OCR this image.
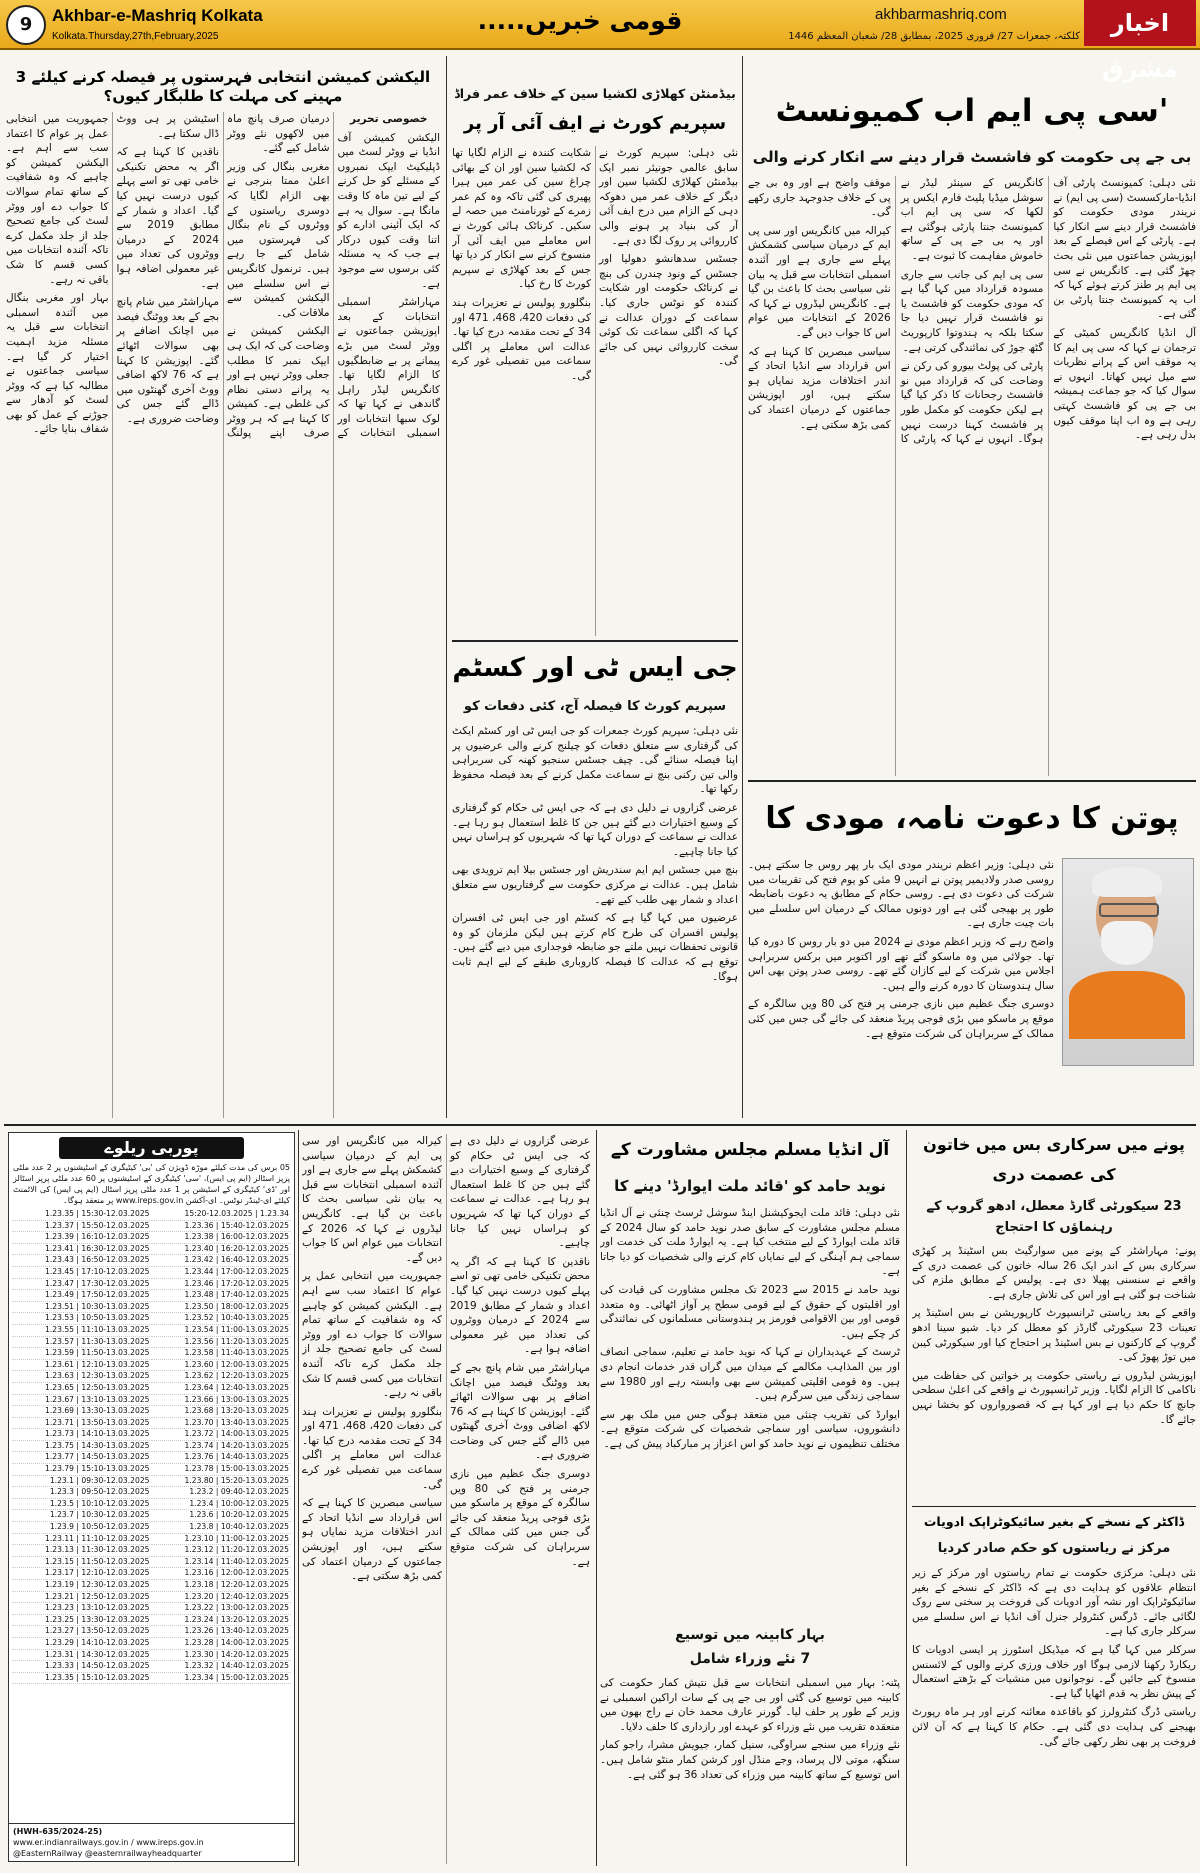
9	Akhbar-e-Mashriq Kolkata
Kolkata.Thursday,27th,February,2025
قومی خبریں.....	akhbarmashriq.com
کلکتہ، جمعرات 27/ فروری 2025، بمطابق 28/ شعبان المعظم 1446	اخبار مشرق
'سی پی ایم اب کمیونسٹ
بی جے پی حکومت کو فاشسٹ قرار دینے سے انکار کرنے والی

نئی دہلی: کمیونسٹ پارٹی آف انڈیا-مارکسسٹ (سی پی ایم) نے نریندر مودی حکومت کو فاشسٹ قرار دینے سے انکار کیا ہے۔ پارٹی کے اس فیصلے کے بعد اپوزیشن جماعتوں میں نئی بحث چھڑ گئی ہے۔ کانگریس نے سی پی ایم پر طنز کرتے ہوئے کہا کہ اب یہ کمیونسٹ جنتا پارٹی بن گئی ہے۔

آل انڈیا کانگریس کمیٹی کے ترجمان نے کہا کہ سی پی ایم کا یہ موقف اس کے پرانے نظریات سے میل نہیں کھاتا۔ انہوں نے سوال کیا کہ جو جماعت ہمیشہ بی جے پی کو فاشسٹ کہتی رہی ہے وہ اب اپنا موقف کیوں بدل رہی ہے۔

کانگریس کے سینئر لیڈر نے سوشل میڈیا پلیٹ فارم ایکس پر لکھا کہ سی پی ایم اب کمیونسٹ جنتا پارٹی ہوگئی ہے اور یہ بی جے پی کے ساتھ خاموش مفاہمت کا ثبوت ہے۔

سی پی ایم کی جانب سے جاری مسودہ قرارداد میں کہا گیا ہے کہ مودی حکومت کو فاشسٹ یا نو فاشسٹ قرار نہیں دیا جا سکتا بلکہ یہ ہندوتوا کارپوریٹ گٹھ جوڑ کی نمائندگی کرتی ہے۔

پارٹی کی پولٹ بیورو کی رکن نے وضاحت کی کہ قرارداد میں نو فاشسٹ رجحانات کا ذکر کیا گیا ہے لیکن حکومت کو مکمل طور پر فاشسٹ کہنا درست نہیں ہوگا۔ انہوں نے کہا کہ پارٹی کا موقف واضح ہے اور وہ بی جے پی کے خلاف جدوجہد جاری رکھے گی۔

کیرالہ میں کانگریس اور سی پی ایم کے درمیان سیاسی کشمکش پہلے سے جاری ہے اور آئندہ اسمبلی انتخابات سے قبل یہ بیان نئی سیاسی بحث کا باعث بن گیا ہے۔ کانگریس لیڈروں نے کہا کہ 2026 کے انتخابات میں عوام اس کا جواب دیں گے۔

سیاسی مبصرین کا کہنا ہے کہ اس قرارداد سے انڈیا اتحاد کے اندر اختلافات مزید نمایاں ہو سکتے ہیں، اور اپوزیشن جماعتوں کے درمیان اعتماد کی کمی بڑھ سکتی ہے۔

پوتن کا دعوت نامہ، مودی کا

نئی دہلی: وزیر اعظم نریندر مودی ایک بار پھر روس جا سکتے ہیں۔ روسی صدر ولادیمیر پوتن نے انہیں 9 مئی کو یوم فتح کی تقریبات میں شرکت کی دعوت دی ہے۔ روسی حکام کے مطابق یہ دعوت باضابطہ طور پر بھیجی گئی ہے اور دونوں ممالک کے درمیان اس سلسلے میں بات چیت جاری ہے۔

واضح رہے کہ وزیر اعظم مودی نے 2024 میں دو بار روس کا دورہ کیا تھا۔ جولائی میں وہ ماسکو گئے تھے اور اکتوبر میں برکس سربراہی اجلاس میں شرکت کے لیے کازان گئے تھے۔ روسی صدر پوتن بھی اس سال ہندوستان کا دورہ کرنے والے ہیں۔

دوسری جنگ عظیم میں نازی جرمنی پر فتح کی 80 ویں سالگرہ کے موقع پر ماسکو میں بڑی فوجی پریڈ منعقد کی جائے گی جس میں کئی ممالک کے سربراہان کی شرکت متوقع ہے۔

بیڈمنٹن کھلاڑی لکشیا سین کے خلاف عمر فراڈ
سپریم کورٹ نے ایف آئی آر پر

نئی دہلی: سپریم کورٹ نے سابق عالمی جونیئر نمبر ایک بیڈمنٹن کھلاڑی لکشیا سین اور دیگر کے خلاف عمر میں دھوکہ دہی کے الزام میں درج ایف آئی آر کی بنیاد پر ہونے والی کارروائی پر روک لگا دی ہے۔

جسٹس سدھانشو دھولیا اور جسٹس کے ونود چندرن کی بنچ نے کرناٹک حکومت اور شکایت کنندہ کو نوٹس جاری کیا۔ سماعت کے دوران عدالت نے کہا کہ اگلی سماعت تک کوئی سخت کارروائی نہیں کی جائے گی۔

شکایت کنندہ نے الزام لگایا تھا کہ لکشیا سین اور ان کے بھائی چراغ سین کی عمر میں ہیرا پھیری کی گئی تاکہ وہ کم عمر زمرے کے ٹورنامنٹ میں حصہ لے سکیں۔ کرناٹک ہائی کورٹ نے اس معاملے میں ایف آئی آر منسوخ کرنے سے انکار کر دیا تھا جس کے بعد کھلاڑی نے سپریم کورٹ کا رخ کیا۔

بنگلورو پولیس نے تعزیرات ہند کی دفعات 420، 468، 471 اور 34 کے تحت مقدمہ درج کیا تھا۔ عدالت اس معاملے پر اگلی سماعت میں تفصیلی غور کرے گی۔

جی ایس ٹی اور کسٹم
سپریم کورٹ کا فیصلہ آج، کئی دفعات کو

نئی دہلی: سپریم کورٹ جمعرات کو جی ایس ٹی اور کسٹم ایکٹ کی گرفتاری سے متعلق دفعات کو چیلنج کرنے والی عرضیوں پر اپنا فیصلہ سنائے گی۔ چیف جسٹس سنجیو کھنہ کی سربراہی والی تین رکنی بنچ نے سماعت مکمل کرنے کے بعد فیصلہ محفوظ رکھا تھا۔

عرضی گزاروں نے دلیل دی ہے کہ جی ایس ٹی حکام کو گرفتاری کے وسیع اختیارات دیے گئے ہیں جن کا غلط استعمال ہو رہا ہے۔ عدالت نے سماعت کے دوران کہا تھا کہ شہریوں کو ہراساں نہیں کیا جانا چاہیے۔

بنچ میں جسٹس ایم ایم سندریش اور جسٹس بیلا ایم ترویدی بھی شامل ہیں۔ عدالت نے مرکزی حکومت سے گرفتاریوں سے متعلق اعداد و شمار بھی طلب کیے تھے۔

عرضیوں میں کہا گیا ہے کہ کسٹم اور جی ایس ٹی افسران پولیس افسران کی طرح کام کرتے ہیں لیکن ملزمان کو وہ قانونی تحفظات نہیں ملتے جو ضابطہ فوجداری میں دیے گئے ہیں۔ توقع ہے کہ عدالت کا فیصلہ کاروباری طبقے کے لیے اہم ثابت ہوگا۔

الیکشن کمیشن انتخابی فہرستوں پر فیصلہ کرنے کیلئے 3 مہینے کی مہلت کا طلبگار کیوں؟

خصوصی تحریر

الیکشن کمیشن آف انڈیا نے ووٹر لسٹ میں ڈپلیکیٹ ایپک نمبروں کے مسئلے کو حل کرنے کے لیے تین ماہ کا وقت مانگا ہے۔ سوال یہ ہے کہ ایک آئینی ادارے کو اتنا وقت کیوں درکار ہے جب کہ یہ مسئلہ کئی برسوں سے موجود ہے۔

مہاراشٹر اسمبلی انتخابات کے بعد اپوزیشن جماعتوں نے ووٹر لسٹ میں بڑے پیمانے پر بے ضابطگیوں کا الزام لگایا تھا۔ کانگریس لیڈر راہل گاندھی نے کہا تھا کہ لوک سبھا انتخابات اور اسمبلی انتخابات کے درمیان صرف پانچ ماہ میں لاکھوں نئے ووٹر شامل کیے گئے۔

مغربی بنگال کی وزیر اعلیٰ ممتا بنرجی نے بھی الزام لگایا کہ دوسری ریاستوں کے ووٹروں کے نام بنگال کی فہرستوں میں شامل کیے جا رہے ہیں۔ ترنمول کانگریس نے اس سلسلے میں الیکشن کمیشن سے ملاقات کی۔

الیکشن کمیشن نے وضاحت کی کہ ایک ہی ایپک نمبر کا مطلب جعلی ووٹر نہیں ہے اور یہ پرانے دستی نظام کی غلطی ہے۔ کمیشن کا کہنا ہے کہ ہر ووٹر صرف اپنے پولنگ اسٹیشن پر ہی ووٹ ڈال سکتا ہے۔

ناقدین کا کہنا ہے کہ اگر یہ محض تکنیکی خامی تھی تو اسے پہلے کیوں درست نہیں کیا گیا۔ اعداد و شمار کے مطابق 2019 سے 2024 کے درمیان ووٹروں کی تعداد میں غیر معمولی اضافہ ہوا ہے۔

مہاراشٹر میں شام پانچ بجے کے بعد ووٹنگ فیصد میں اچانک اضافے پر بھی سوالات اٹھائے گئے۔ اپوزیشن کا کہنا ہے کہ 76 لاکھ اضافی ووٹ آخری گھنٹوں میں ڈالے گئے جس کی وضاحت ضروری ہے۔

جمہوریت میں انتخابی عمل پر عوام کا اعتماد سب سے اہم ہے۔ الیکشن کمیشن کو چاہیے کہ وہ شفافیت کے ساتھ تمام سوالات کا جواب دے اور ووٹر لسٹ کی جامع تصحیح جلد از جلد مکمل کرے تاکہ آئندہ انتخابات میں کسی قسم کا شک باقی نہ رہے۔

بہار اور مغربی بنگال میں آئندہ اسمبلی انتخابات سے قبل یہ مسئلہ مزید اہمیت اختیار کر گیا ہے۔ سیاسی جماعتوں نے مطالبہ کیا ہے کہ ووٹر لسٹ کو آدھار سے جوڑنے کے عمل کو بھی شفاف بنایا جائے۔

پوربی ریلوے
05 برس کی مدت کیلئے موڑہ ڈویژن کی 'بی' کیٹیگری کے اسٹیشنوں پر 2 عدد ملٹی پرپز اسٹالز (ایم پی ایس)، 'سی' کیٹیگری کے اسٹیشنوں پر 60 عدد ملٹی پرپز اسٹالز اور 'ڈی' کیٹیگری کے اسٹیشن پر 1 عدد ملٹی پرپز اسٹال (ایم پی ایس) کی الاٹمنٹ کیلئے ای-ٹینڈر نوٹس۔ ای-آکشن www.ireps.gov.in پر منعقد ہوگا۔
1.23.34 | 15:20-12.03.2025
15:30-12.03.2025 | 1.23.35
15:40-12.03.2025 | 1.23.36
15:50-12.03.2025 | 1.23.37
16:00-12.03.2025 | 1.23.38
16:10-12.03.2025 | 1.23.39
16:20-12.03.2025 | 1.23.40
16:30-12.03.2025 | 1.23.41
16:40-12.03.2025 | 1.23.42
16:50-12.03.2025 | 1.23.43
17:00-12.03.2025 | 1.23.44
17:10-12.03.2025 | 1.23.45
17:20-12.03.2025 | 1.23.46
17:30-12.03.2025 | 1.23.47
17:40-12.03.2025 | 1.23.48
17:50-12.03.2025 | 1.23.49
18:00-12.03.2025 | 1.23.50
10:30-13.03.2025 | 1.23.51
10:40-13.03.2025 | 1.23.52
10:50-13.03.2025 | 1.23.53
11:00-13.03.2025 | 1.23.54
11:10-13.03.2025 | 1.23.55
11:20-13.03.2025 | 1.23.56
11:30-13.03.2025 | 1.23.57
11:40-13.03.2025 | 1.23.58
11:50-13.03.2025 | 1.23.59
12:00-13.03.2025 | 1.23.60
12:10-13.03.2025 | 1.23.61
12:20-13.03.2025 | 1.23.62
12:30-13.03.2025 | 1.23.63
12:40-13.03.2025 | 1.23.64
12:50-13.03.2025 | 1.23.65
13:00-13.03.2025 | 1.23.66
13:10-13.03.2025 | 1.23.67
13:20-13.03.2025 | 1.23.68
13:30-13.03.2025 | 1.23.69
13:40-13.03.2025 | 1.23.70
13:50-13.03.2025 | 1.23.71
14:00-13.03.2025 | 1.23.72
14:10-13.03.2025 | 1.23.73
14:20-13.03.2025 | 1.23.74
14:30-13.03.2025 | 1.23.75
14:40-13.03.2025 | 1.23.76
14:50-13.03.2025 | 1.23.77
15:00-13.03.2025 | 1.23.78
15:10-13.03.2025 | 1.23.79
15:20-13.03.2025 | 1.23.80
09:30-12.03.2025 | 1.23.1
09:40-12.03.2025 | 1.23.2
09:50-12.03.2025 | 1.23.3
10:00-12.03.2025 | 1.23.4
10:10-12.03.2025 | 1.23.5
10:20-12.03.2025 | 1.23.6
10:30-12.03.2025 | 1.23.7
10:40-12.03.2025 | 1.23.8
10:50-12.03.2025 | 1.23.9
11:00-12.03.2025 | 1.23.10
11:10-12.03.2025 | 1.23.11
11:20-12.03.2025 | 1.23.12
11:30-12.03.2025 | 1.23.13
11:40-12.03.2025 | 1.23.14
11:50-12.03.2025 | 1.23.15
12:00-12.03.2025 | 1.23.16
12:10-12.03.2025 | 1.23.17
12:20-12.03.2025 | 1.23.18
12:30-12.03.2025 | 1.23.19
12:40-12.03.2025 | 1.23.20
12:50-12.03.2025 | 1.23.21
13:00-12.03.2025 | 1.23.22
13:10-12.03.2025 | 1.23.23
13:20-12.03.2025 | 1.23.24
13:30-12.03.2025 | 1.23.25
13:40-12.03.2025 | 1.23.26
13:50-12.03.2025 | 1.23.27
14:00-12.03.2025 | 1.23.28
14:10-12.03.2025 | 1.23.29
14:20-12.03.2025 | 1.23.30
14:30-12.03.2025 | 1.23.31
14:40-12.03.2025 | 1.23.32
14:50-12.03.2025 | 1.23.33
15:00-12.03.2025 | 1.23.34
15:10-12.03.2025 | 1.23.35
(HWH-635/2024-25)
www.er.indianrailways.gov.in / www.ireps.gov.in
@EasternRailway @easternrailwayheadquarter
آل انڈیا مسلم مجلس مشاورت کے
نوید حامد کو 'قائد ملت ایوارڈ' دینے کا

نئی دہلی: قائد ملت ایجوکیشنل اینڈ سوشل ٹرسٹ چنئی نے آل انڈیا مسلم مجلس مشاورت کے سابق صدر نوید حامد کو سال 2024 کے قائد ملت ایوارڈ کے لیے منتخب کیا ہے۔ یہ ایوارڈ ملت کی خدمت اور سماجی ہم آہنگی کے لیے نمایاں کام کرنے والی شخصیات کو دیا جاتا ہے۔

نوید حامد نے 2015 سے 2023 تک مجلس مشاورت کی قیادت کی اور اقلیتوں کے حقوق کے لیے قومی سطح پر آواز اٹھائی۔ وہ متعدد قومی اور بین الاقوامی فورمز پر ہندوستانی مسلمانوں کی نمائندگی کر چکے ہیں۔

ٹرسٹ کے عہدیداران نے کہا کہ نوید حامد نے تعلیم، سماجی انصاف اور بین المذاہب مکالمے کے میدان میں گراں قدر خدمات انجام دی ہیں۔ وہ قومی اقلیتی کمیشن سے بھی وابستہ رہے اور 1980 سے سماجی زندگی میں سرگرم ہیں۔

ایوارڈ کی تقریب چنئی میں منعقد ہوگی جس میں ملک بھر سے دانشوروں، سیاسی اور سماجی شخصیات کی شرکت متوقع ہے۔ مختلف تنظیموں نے نوید حامد کو اس اعزاز پر مبارکباد پیش کی ہے۔

بہار کابینہ میں توسیع
7 نئے وزراء شامل

پٹنہ: بہار میں اسمبلی انتخابات سے قبل نتیش کمار حکومت کی کابینہ میں توسیع کی گئی اور بی جے پی کے سات اراکین اسمبلی نے وزیر کے طور پر حلف لیا۔ گورنر عارف محمد خان نے راج بھون میں منعقدہ تقریب میں نئے وزراء کو عہدے اور رازداری کا حلف دلایا۔

نئے وزراء میں سنجے سراوگی، سنیل کمار، جیویش مشرا، راجو کمار سنگھ، موتی لال پرساد، وجے منڈل اور کرشن کمار منٹو شامل ہیں۔ اس توسیع کے ساتھ کابینہ میں وزراء کی تعداد 36 ہو گئی ہے۔

عرضی گزاروں نے دلیل دی ہے کہ جی ایس ٹی حکام کو گرفتاری کے وسیع اختیارات دیے گئے ہیں جن کا غلط استعمال ہو رہا ہے۔ عدالت نے سماعت کے دوران کہا تھا کہ شہریوں کو ہراساں نہیں کیا جانا چاہیے۔

ناقدین کا کہنا ہے کہ اگر یہ محض تکنیکی خامی تھی تو اسے پہلے کیوں درست نہیں کیا گیا۔ اعداد و شمار کے مطابق 2019 سے 2024 کے درمیان ووٹروں کی تعداد میں غیر معمولی اضافہ ہوا ہے۔

مہاراشٹر میں شام پانچ بجے کے بعد ووٹنگ فیصد میں اچانک اضافے پر بھی سوالات اٹھائے گئے۔ اپوزیشن کا کہنا ہے کہ 76 لاکھ اضافی ووٹ آخری گھنٹوں میں ڈالے گئے جس کی وضاحت ضروری ہے۔

دوسری جنگ عظیم میں نازی جرمنی پر فتح کی 80 ویں سالگرہ کے موقع پر ماسکو میں بڑی فوجی پریڈ منعقد کی جائے گی جس میں کئی ممالک کے سربراہان کی شرکت متوقع ہے۔

کیرالہ میں کانگریس اور سی پی ایم کے درمیان سیاسی کشمکش پہلے سے جاری ہے اور آئندہ اسمبلی انتخابات سے قبل یہ بیان نئی سیاسی بحث کا باعث بن گیا ہے۔ کانگریس لیڈروں نے کہا کہ 2026 کے انتخابات میں عوام اس کا جواب دیں گے۔

جمہوریت میں انتخابی عمل پر عوام کا اعتماد سب سے اہم ہے۔ الیکشن کمیشن کو چاہیے کہ وہ شفافیت کے ساتھ تمام سوالات کا جواب دے اور ووٹر لسٹ کی جامع تصحیح جلد از جلد مکمل کرے تاکہ آئندہ انتخابات میں کسی قسم کا شک باقی نہ رہے۔

بنگلورو پولیس نے تعزیرات ہند کی دفعات 420، 468، 471 اور 34 کے تحت مقدمہ درج کیا تھا۔ عدالت اس معاملے پر اگلی سماعت میں تفصیلی غور کرے گی۔

سیاسی مبصرین کا کہنا ہے کہ اس قرارداد سے انڈیا اتحاد کے اندر اختلافات مزید نمایاں ہو سکتے ہیں، اور اپوزیشن جماعتوں کے درمیان اعتماد کی کمی بڑھ سکتی ہے۔

پونے میں سرکاری بس میں خاتون کی عصمت دری
23 سیکورٹی گارڈ معطل، ادھو گروپ کے رہنماؤں کا احتجاج

پونے: مہاراشٹر کے پونے میں سوارگیٹ بس اسٹینڈ پر کھڑی سرکاری بس کے اندر ایک 26 سالہ خاتون کی عصمت دری کے واقعے نے سنسنی پھیلا دی ہے۔ پولیس کے مطابق ملزم کی شناخت ہو گئی ہے اور اس کی تلاش جاری ہے۔

واقعے کے بعد ریاستی ٹرانسپورٹ کارپوریشن نے بس اسٹینڈ پر تعینات 23 سیکورٹی گارڈز کو معطل کر دیا۔ شیو سینا ادھو گروپ کے کارکنوں نے بس اسٹینڈ پر احتجاج کیا اور سیکورٹی کیبن میں توڑ پھوڑ کی۔

اپوزیشن لیڈروں نے ریاستی حکومت پر خواتین کی حفاظت میں ناکامی کا الزام لگایا۔ وزیر ٹرانسپورٹ نے واقعے کی اعلیٰ سطحی جانچ کا حکم دیا ہے اور کہا ہے کہ قصورواروں کو بخشا نہیں جائے گا۔

ڈاکٹر کے نسخے کے بغیر سائیکوٹراپک ادویات
مرکز نے ریاستوں کو حکم صادر کردیا

نئی دہلی: مرکزی حکومت نے تمام ریاستوں اور مرکز کے زیر انتظام علاقوں کو ہدایت دی ہے کہ ڈاکٹر کے نسخے کے بغیر سائیکوٹراپک اور نشہ آور ادویات کی فروخت پر سختی سے روک لگائی جائے۔ ڈرگس کنٹرولر جنرل آف انڈیا نے اس سلسلے میں سرکلر جاری کیا ہے۔

سرکلر میں کہا گیا ہے کہ میڈیکل اسٹورز پر ایسی ادویات کا ریکارڈ رکھنا لازمی ہوگا اور خلاف ورزی کرنے والوں کے لائسنس منسوخ کیے جائیں گے۔ نوجوانوں میں منشیات کے بڑھتے استعمال کے پیش نظر یہ قدم اٹھایا گیا ہے۔

ریاستی ڈرگ کنٹرولرز کو باقاعدہ معائنہ کرنے اور ہر ماہ رپورٹ بھیجنے کی ہدایت دی گئی ہے۔ حکام کا کہنا ہے کہ آن لائن فروخت پر بھی نظر رکھی جائے گی۔
